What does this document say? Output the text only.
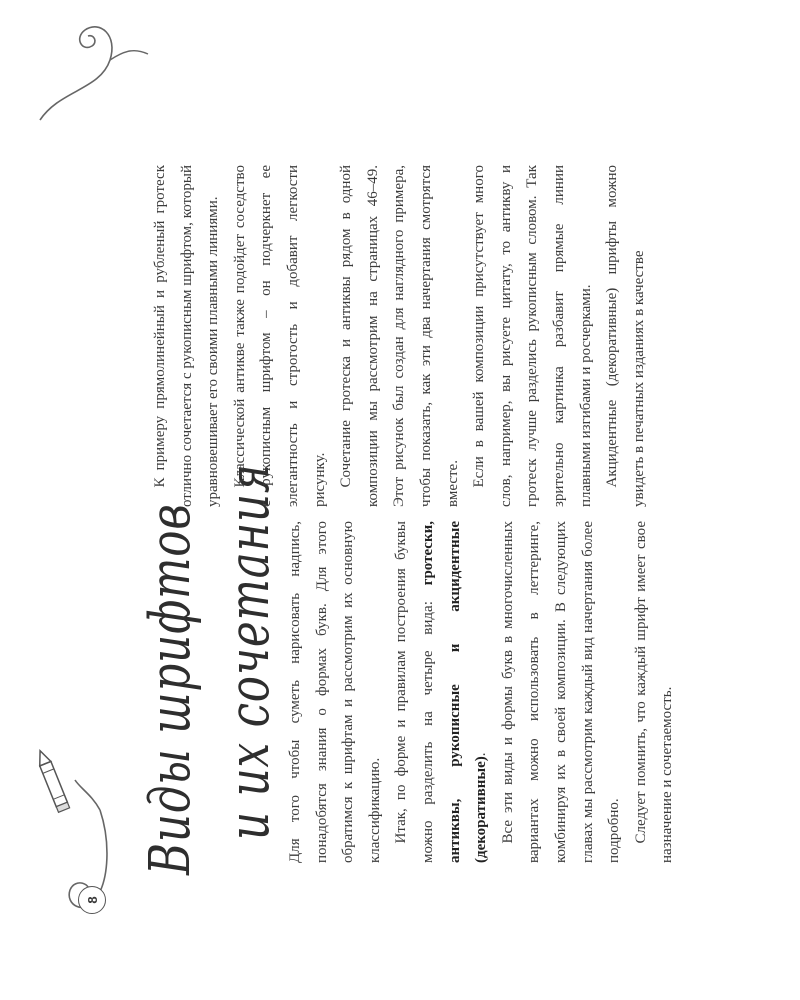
8
Виды шрифтов и их сочетания Для того чтобы суметь нарисовать надпись, понадобятся знания о формах букв. Для этого обратимся к шрифтам и рассмотрим их основную классификацию. Итак, по форме и правилам построения буквы можно разделить на четыре вида: гротески, антиквы, рукописные и акцидентные (декоративные). Все эти виды и формы букв в многочисленных вариантах можно использовать в леттеринге, комбинируя их в своей композиции. В следующих главах мы рассмотрим каждый вид начертания более подробно. Следует помнить, что каждый шрифт имеет свое назначение и сочетаемость.

К примеру прямолинейный и рубленый гротеск отлично сочетается с рукописным шрифтом, который уравновешивает его своими плавными линиями. Классической антикве также подойдет соседство с рукописным шрифтом – он подчеркнет ее элегантность и строгость и добавит легкости рисунку. Сочетание гротеска и антиквы рядом в одной композиции мы рассмотрим на страницах 46–49. Этот рисунок был создан для наглядного примера, чтобы показать, как эти два начертания смотрятся вместе. Если в вашей композиции присутствует много слов, например, вы рисуете цитату, то антикву и гротеск лучше разделись рукописным словом. Так зрительно картинка разбавит прямые линии плавными изгибами и росчерками. Акцидентные (декоративные) шрифты можно увидеть в печатных изданиях в качестве
